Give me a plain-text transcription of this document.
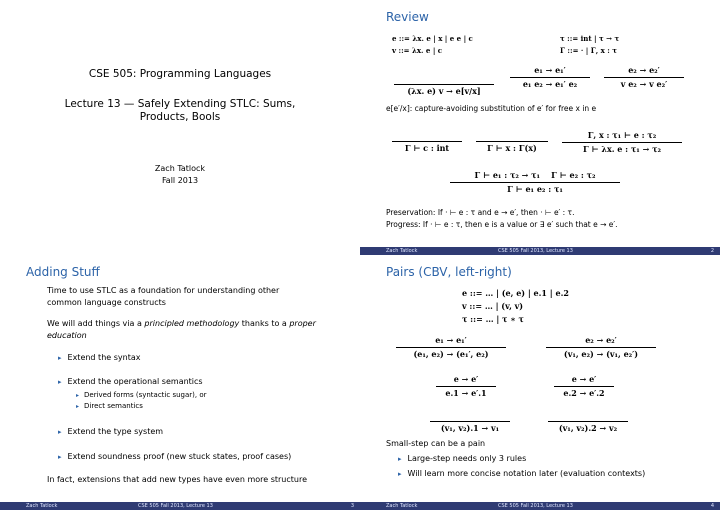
CSE 505: Programming Languages
Lecture 13 — Safely Extending STLC: Sums,
Products, Bools
Zach Tatlock
Fall 2013
Review
e ::= λx. e | x | e e | c
v ::= λx. e | c
τ ::= int | τ → τ
Γ ::= · | Γ, x : τ
(λx. e) v → e[v/x]
e₁ → e₁′
e₁ e₂ → e₁′ e₂
e₂ → e₂′
v e₂ → v e₂′
e[e′/x]: capture-avoiding substitution of e′ for free x in e
Γ ⊢ c : int	Γ ⊢ x : Γ(x)
Γ, x : τ₁ ⊢ e : τ₂
Γ ⊢ λx. e : τ₁ → τ₂
Γ ⊢ e₁ : τ₂ → τ₁ Γ ⊢ e₂ : τ₂
Γ ⊢ e₁ e₂ : τ₁
Preservation: If · ⊢ e : τ and e → e′, then · ⊢ e′ : τ.
Progress: If · ⊢ e : τ, then e is a value or ∃ e′ such that e → e′.
Zach Tatlock	CSE 505 Fall 2013, Lecture 13	2
Adding Stuff
Time to use STLC as a foundation for understanding other
common language constructs
We will add things via a principled methodology thanks to a proper
education
▸ Extend the syntax
▸ Extend the operational semantics
▸ Derived forms (syntactic sugar), or
▸ Direct semantics
▸ Extend the type system
▸ Extend soundness proof (new stuck states, proof cases)
In fact, extensions that add new types have even more structure
Zach Tatlock	CSE 505 Fall 2013, Lecture 13	3
Pairs (CBV, left-right)
e ::= … | (e, e) | e.1 | e.2
v ::= … | (v, v)
τ ::= … | τ ∗ τ
e₁ → e₁′
(e₁, e₂) → (e₁′, e₂)
e₂ → e₂′
(v₁, e₂) → (v₁, e₂′)
e → e′
e.1 → e′.1
e → e′
e.2 → e′.2
(v₁, v₂).1 → v₁	(v₁, v₂).2 → v₂
Small-step can be a pain
▸ Large-step needs only 3 rules
▸ Will learn more concise notation later (evaluation contexts)
Zach Tatlock	CSE 505 Fall 2013, Lecture 13	4
